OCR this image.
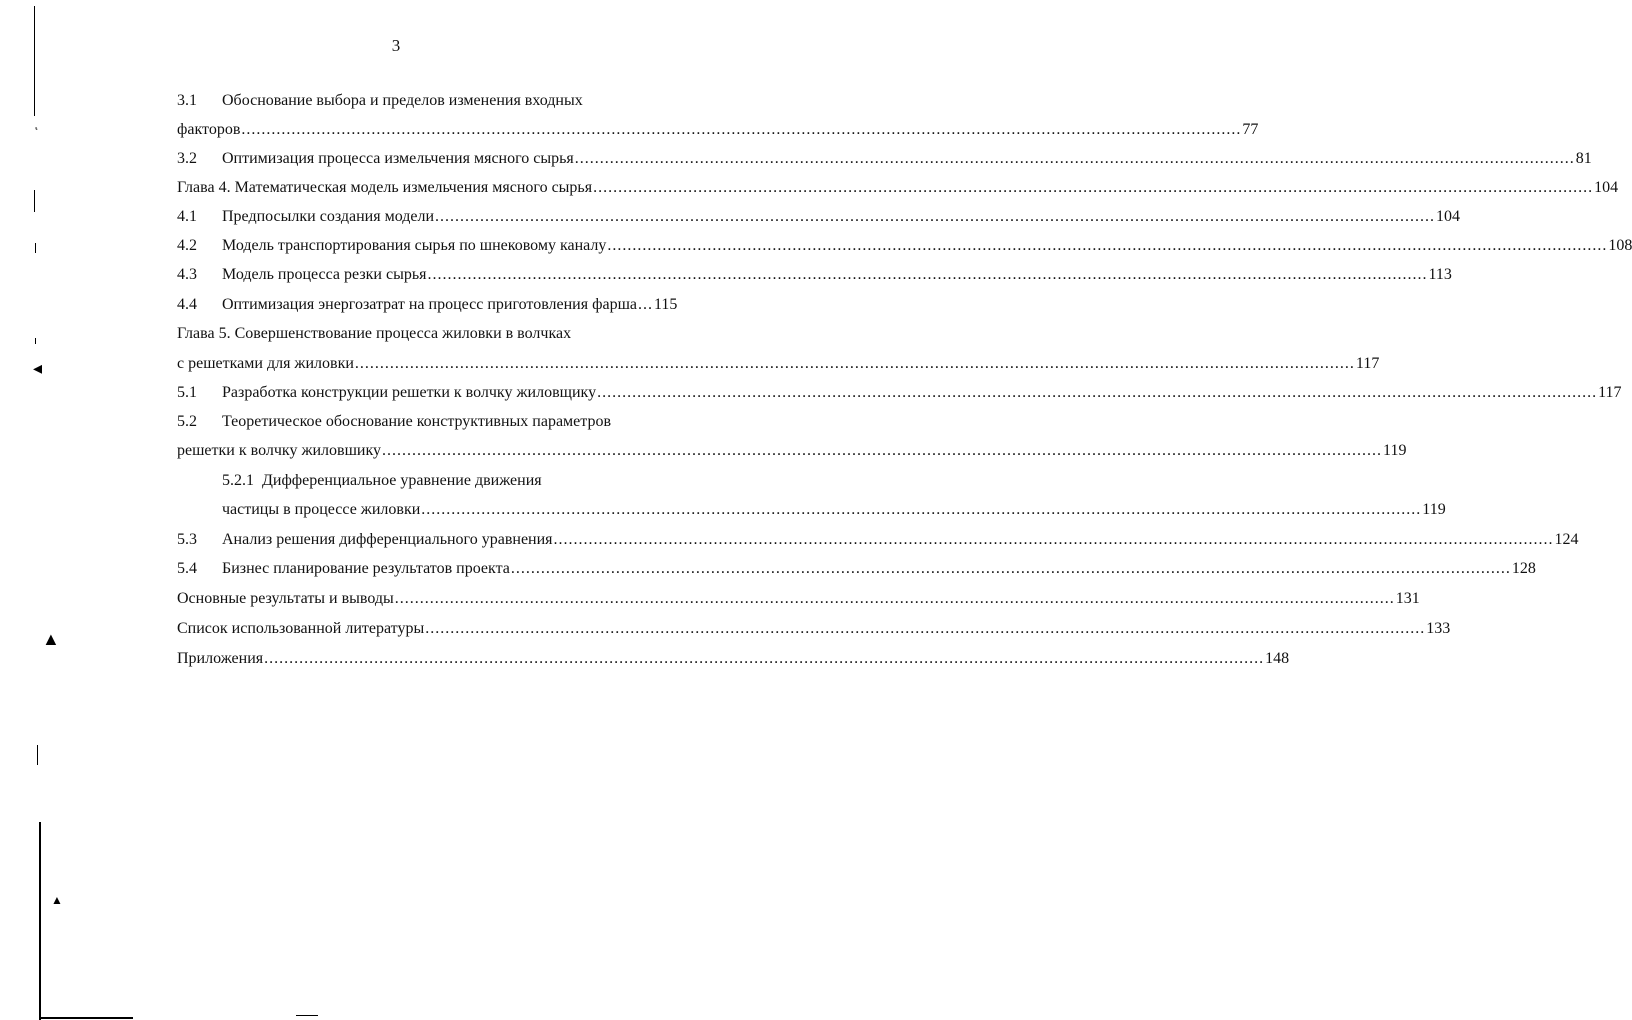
3
3.1 Обоснование выбора и пределов изменения входных
факторов ........................................................................................................................................................................................................ 77
3.2	Оптимизация процесса измельчения мясного сырья ........................................................................................................................................................................................................ 81
Глава 4. Математическая модель измельчения мясного сырья ........................................................................................................................................................................................................ 104
4.1	Предпосылки создания модели ........................................................................................................................................................................................................ 104
4.2	Модель транспортирования сырья по шнековому каналу ........................................................................................................................................................................................................ 108
4.3	Модель процесса резки сырья ........................................................................................................................................................................................................ 113
4.4	Оптимизация энергозатрат на процесс приготовления фарша ... 115
Глава 5. Совершенствование процесса жиловки в волчках
с решетками для жиловки ........................................................................................................................................................................................................ 117
5.1	Разработка конструкции решетки к волчку жиловщику ........................................................................................................................................................................................................ 117
5.2 Теоретическое обоснование конструктивных параметров
решетки к волчку жиловшику ........................................................................................................................................................................................................ 119
5.2.1  Дифференциальное уравнение движения
частицы в процессе жиловки ........................................................................................................................................................................................................ 119
5.3	Анализ решения дифференциального уравнения ........................................................................................................................................................................................................ 124
5.4	Бизнес планирование результатов проекта ........................................................................................................................................................................................................ 128
Основные результаты и выводы ........................................................................................................................................................................................................ 131
Список использованной литературы ........................................................................................................................................................................................................ 133
Приложения ........................................................................................................................................................................................................ 148
ͺ
◂
▲
▲
